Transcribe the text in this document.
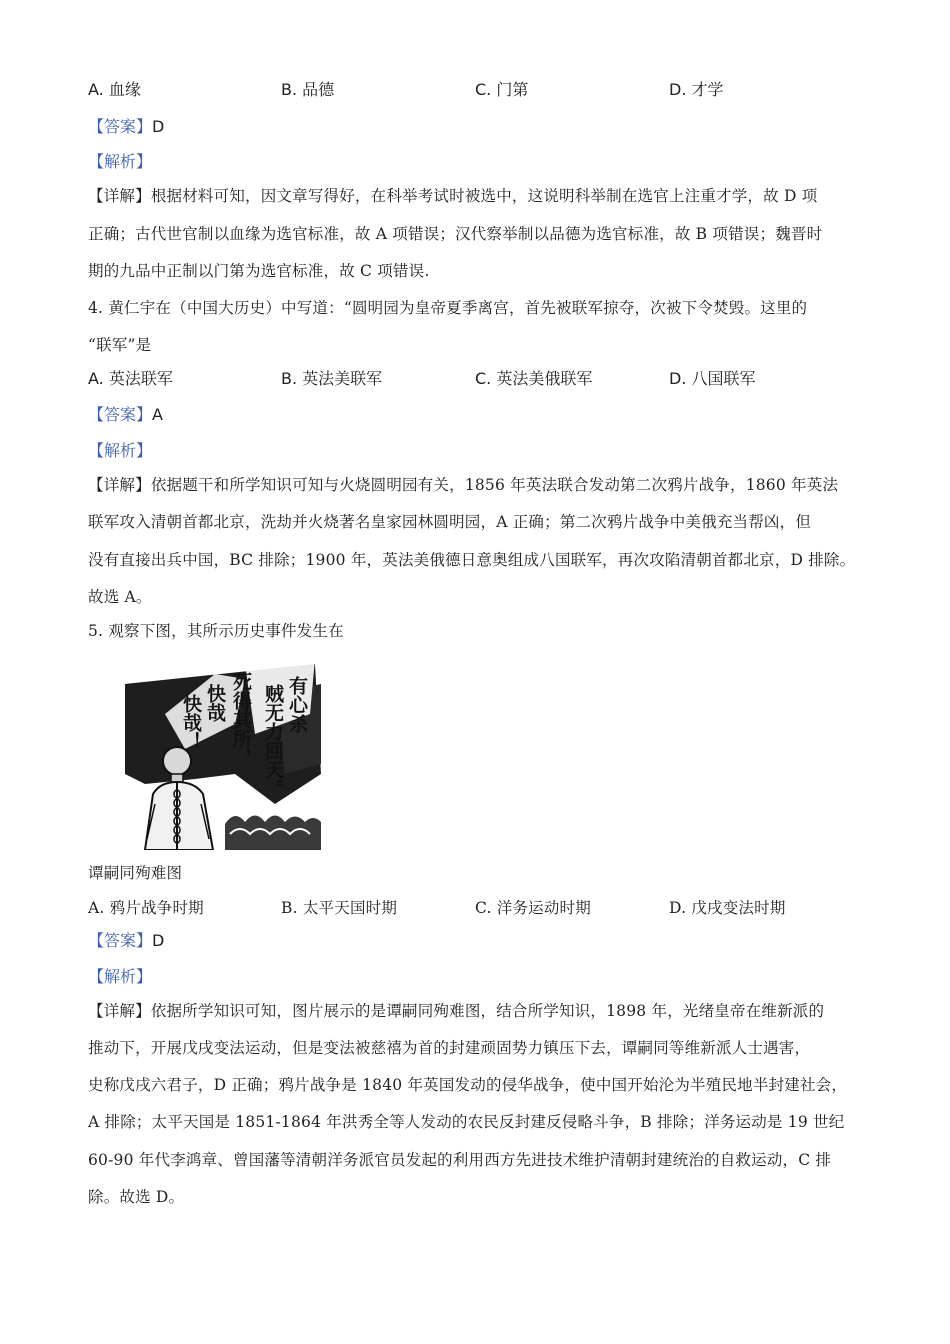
A. 血缘	B. 品德	C. 门第	D. 才学
【答案】D
【解析】
【详解】根据材料可知，因文章写得好，在科举考试时被选中，这说明科举制在选官上注重才学，故 D 项
正确；古代世官制以血缘为选官标准，故 A 项错误；汉代察举制以品德为选官标准，故 B 项错误；魏晋时
期的九品中正制以门第为选官标准，故 C 项错误.
4. 黄仁宇在（中国大历史）中写道：“圆明园为皇帝夏季离宫，首先被联军掠夺，次被下令焚毁。这里的
“联军”是
A. 英法联军	B. 英法美联军	C. 英法美俄联军	D. 八国联军
【答案】A
【解析】
【详解】依据题干和所学知识可知与火烧圆明园有关，1856 年英法联合发动第二次鸦片战争，1860 年英法
联军攻入清朝首都北京，洗劫并火烧著名皇家园林圆明园，A 正确；第二次鸦片战争中美俄充当帮凶，但
没有直接出兵中国，BC 排除；1900 年，英法美俄德日意奥组成八国联军，再次攻陷清朝首都北京，D 排除。
故选 A。
5. 观察下图，其所示历史事件发生在
有心杀
贼无力回天。
死得其所，
快哉
快哉！
谭嗣同殉难图
A. 鸦片战争时期	B. 太平天国时期	C. 洋务运动时期	D. 戊戌变法时期
【答案】D
【解析】
【详解】依据所学知识可知，图片展示的是谭嗣同殉难图，结合所学知识，1898 年，光绪皇帝在维新派的
推动下，开展戊戌变法运动，但是变法被慈禧为首的封建顽固势力镇压下去，谭嗣同等维新派人士遇害，
史称戊戌六君子，D 正确；鸦片战争是 1840 年英国发动的侵华战争，使中国开始沦为半殖民地半封建社会，
A 排除；太平天国是 1851-1864 年洪秀全等人发动的农民反封建反侵略斗争，B 排除；洋务运动是 19 世纪
60-90 年代李鸿章、曾国藩等清朝洋务派官员发起的利用西方先进技术维护清朝封建统治的自救运动，C 排
除。故选 D。
